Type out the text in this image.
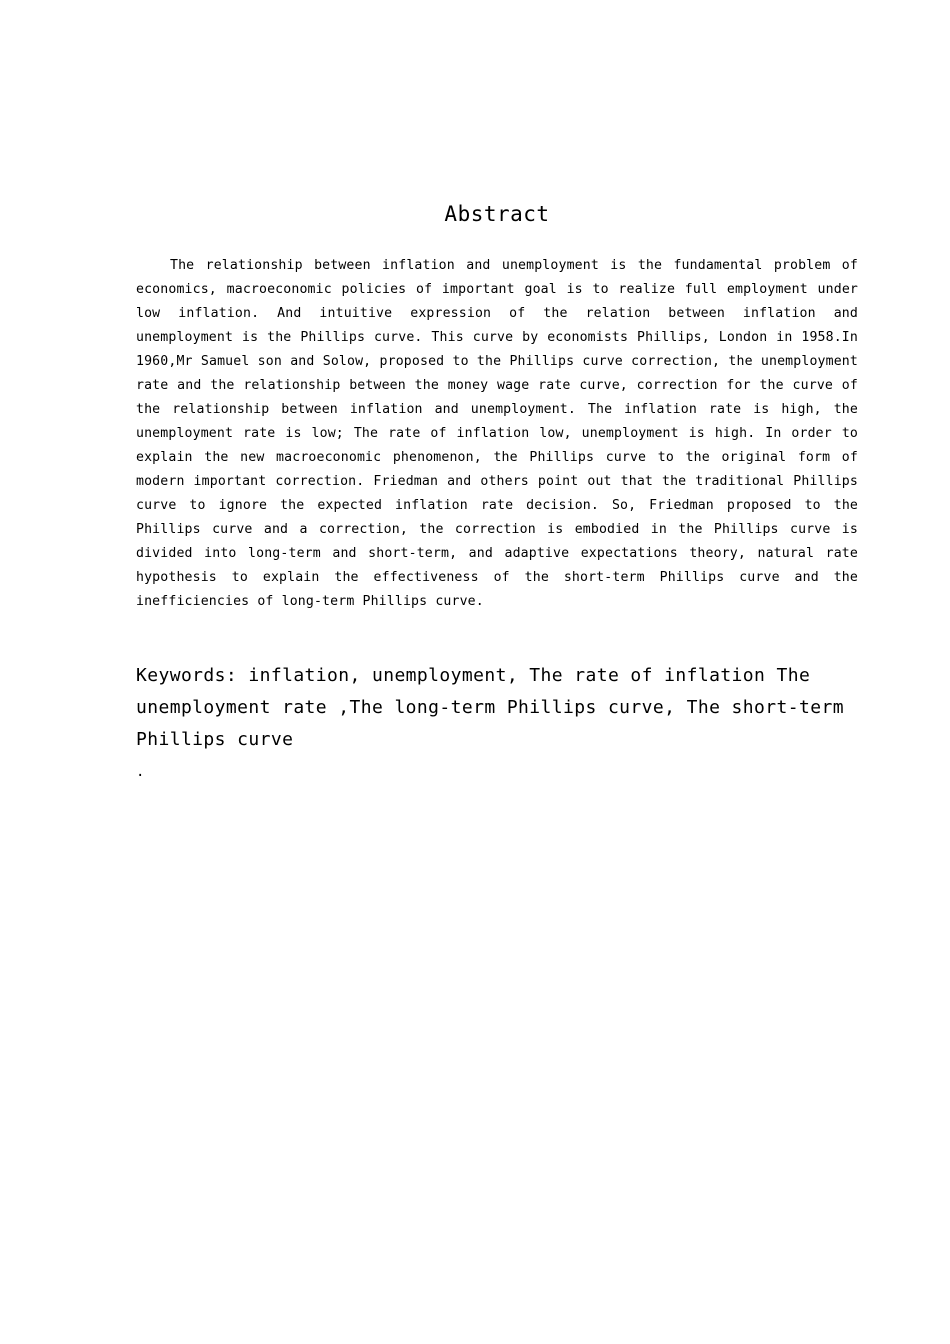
Abstract

The relationship between inflation and unemployment is the fundamental problem of economics, macroeconomic policies of important goal is to realize full employment under low inflation. And intuitive expression of the relation between inflation and unemployment is the Phillips curve. This curve by economists Phillips, London in 1958.In 1960,Mr Samuel son and Solow, proposed to the Phillips curve correction, the unemployment rate and the relationship between the money wage rate curve, correction for the curve of the relationship between inflation and unemployment. The inflation rate is high, the unemployment rate is low; The rate of inflation low, unemployment is high. In order to explain the new macroeconomic phenomenon, the Phillips curve to the original form of modern important correction. Friedman and others point out that the traditional Phillips curve to ignore the expected inflation rate decision. So, Friedman proposed to the Phillips curve and a correction, the correction is embodied in the Phillips curve is divided into long-term and short-term, and adaptive expectations theory, natural rate hypothesis to explain the effectiveness of the short-term Phillips curve and the inefficiencies of long-term Phillips curve.

Keywords: inflation, unemployment, The rate of inflation The unemployment rate ,The long-term Phillips curve, The short-term Phillips curve

.
